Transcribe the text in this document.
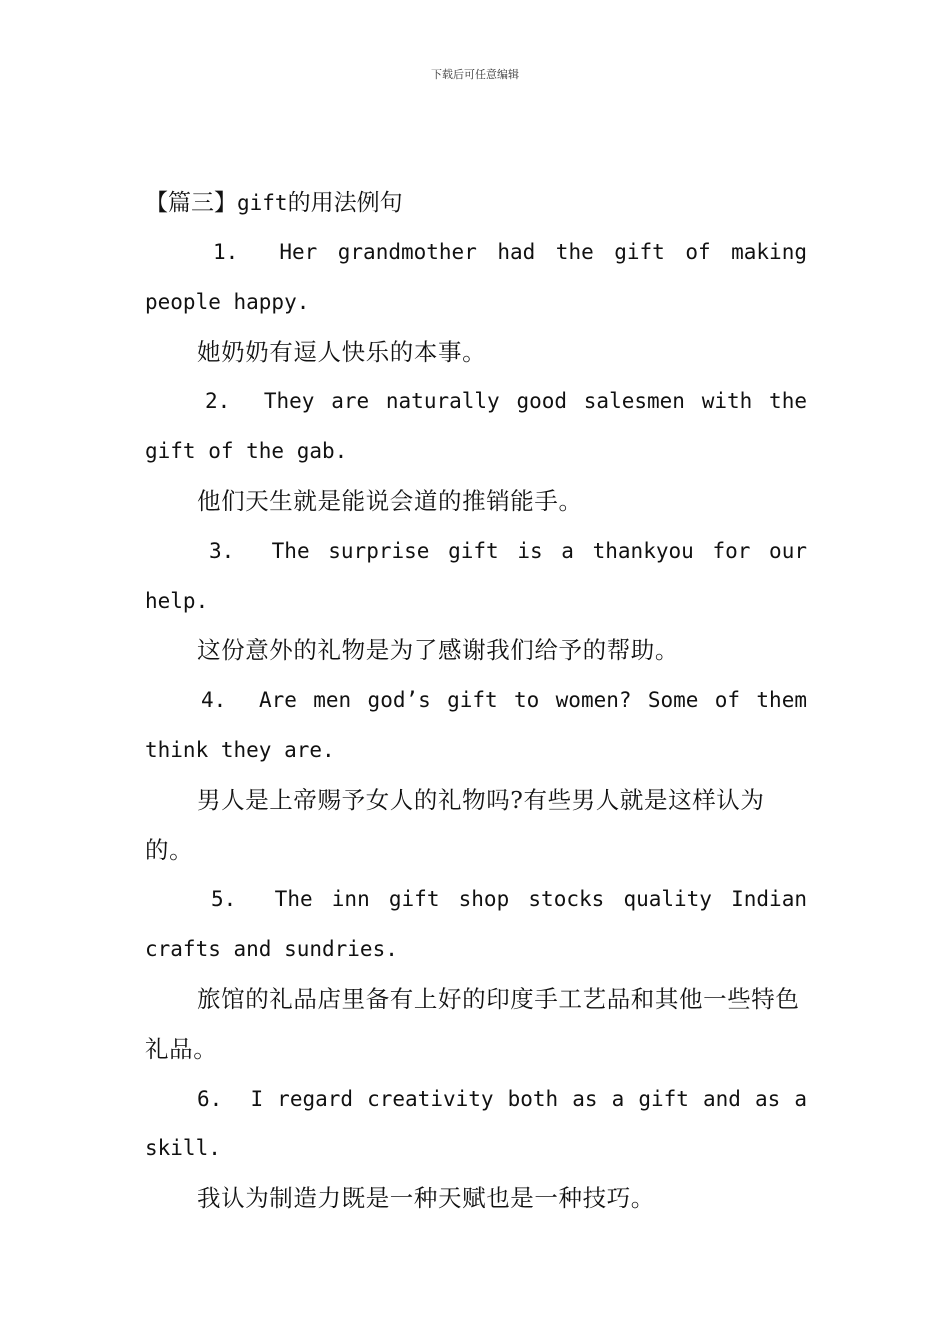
下载后可任意编辑
【篇三】gift的用法例句

1. Her grandmother had the gift of making people happy.

她奶奶有逗人快乐的本事。

2. They are naturally good salesmen with the gift of the gab.

他们天生就是能说会道的推销能手。

3. The surprise gift is a thankyou for our help.

这份意外的礼物是为了感谢我们给予的帮助。

4. Are men god’s gift to women? Some of them think they are.

男人是上帝赐予女人的礼物吗?有些男人就是这样认为的。

5. The inn gift shop stocks quality Indian crafts and sundries.

旅馆的礼品店里备有上好的印度手工艺品和其他一些特色礼品。

6. I regard creativity both as a gift and as a skill.

我认为制造力既是一种天赋也是一种技巧。
